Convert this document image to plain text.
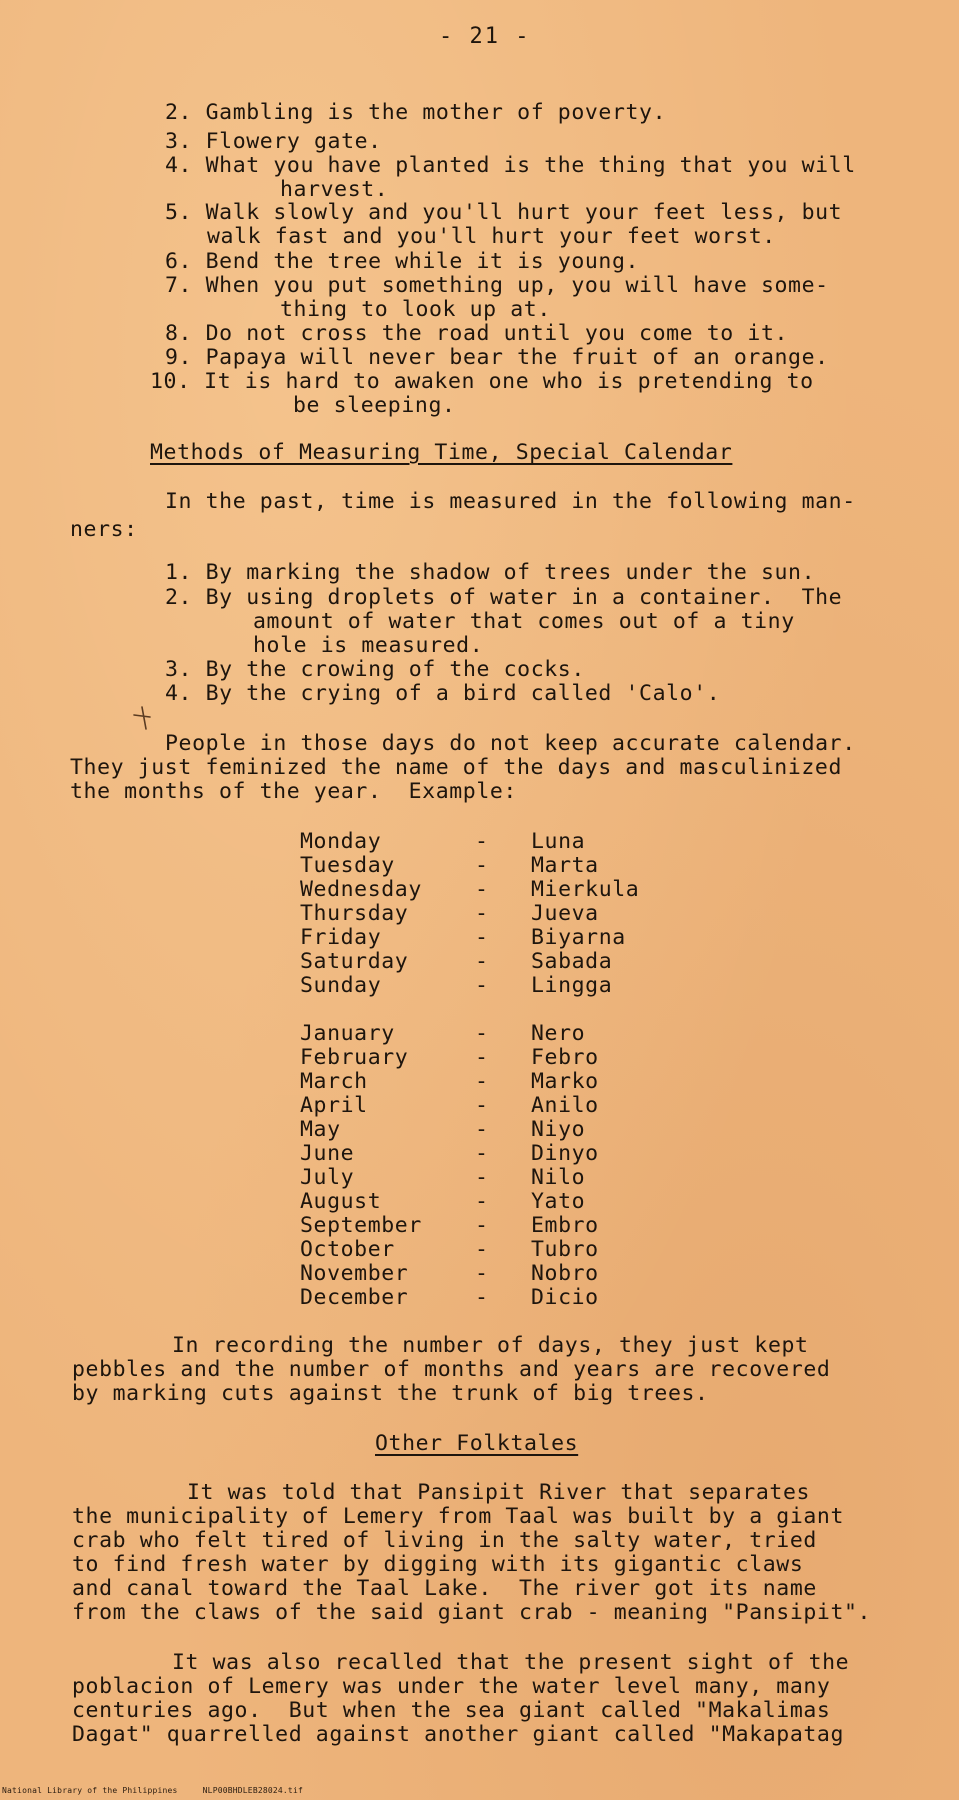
- 21 -
2. Gambling is the mother of poverty.
3. Flowery gate.
4. What you have planted is the thing that you will
harvest.
5. Walk slowly and you'll hurt your feet less, but
walk fast and you'll hurt your feet worst.
6. Bend the tree while it is young.
7. When you put something up, you will have some-
thing to look up at.
8. Do not cross the road until you come to it.
9. Papaya will never bear the fruit of an orange.
10. It is hard to awaken one who is pretending to
be sleeping.
Methods of Measuring Time, Special Calendar
In the past, time is measured in the following man-
ners:
1. By marking the shadow of trees under the sun.
2. By using droplets of water in a container.  The
amount of water that comes out of a tiny
hole is measured.
3. By the crowing of the cocks.
4. By the crying of a bird called 'Calo'.
People in those days do not keep accurate calendar.
They just feminized the name of the days and masculinized
the months of the year.  Example:
Monday	- Luna
Tuesday	- Marta
Wednesday - Mierkula
Thursday	- Jueva
Friday	- Biyarna
Saturday	- Sabada
Sunday	- Lingga
January	- Nero
February	- Febro
March	- Marko
April	- Anilo
May	- Niyo
June	- Dinyo
July	- Nilo
August	- Yato
September - Embro
October	- Tubro
November	- Nobro
December	- Dicio
In recording the number of days, they just kept
pebbles and the number of months and years are recovered
by marking cuts against the trunk of big trees.
Other Folktales
It was told that Pansipit River that separates
the municipality of Lemery from Taal was built by a giant
crab who felt tired of living in the salty water, tried
to find fresh water by digging with its gigantic claws
and canal toward the Taal Lake.  The river got its name
from the claws of the said giant crab - meaning "Pansipit".
It was also recalled that the present sight of the
poblacion of Lemery was under the water level many, many
centuries ago.  But when the sea giant called "Makalimas
Dagat" quarrelled against another giant called "Makapatag
National Library of the Philippines     NLP00BHDLEB28024.tif
